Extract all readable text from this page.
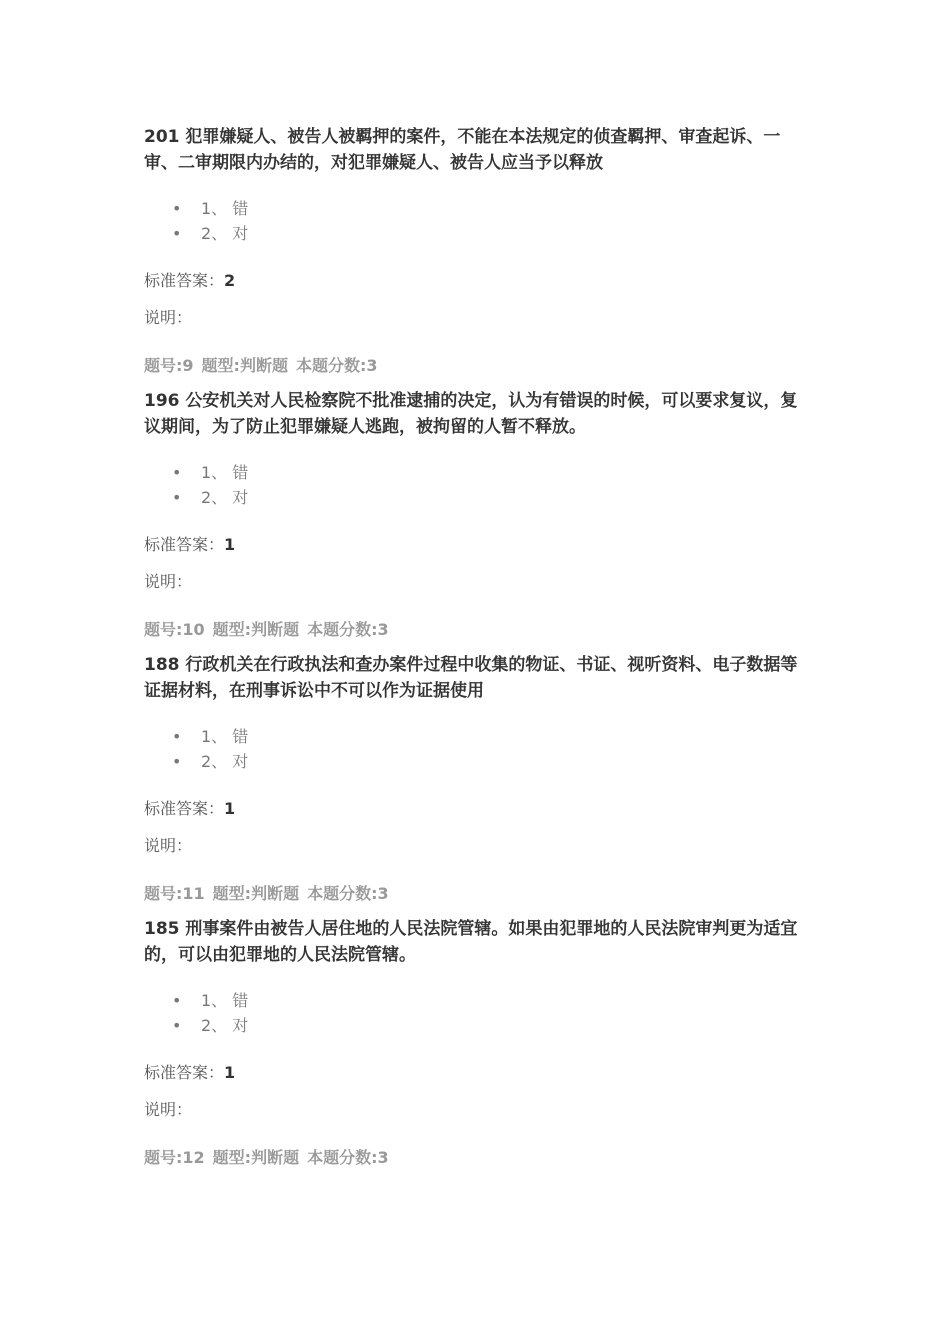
201 犯罪嫌疑人、被告人被羁押的案件，不能在本法规定的侦查羁押、审查起诉、一审、二审期限内办结的，对犯罪嫌疑人、被告人应当予以释放

• 1、 错
• 2、 对
标准答案：2
说明：
题号:9 题型:判断题 本题分数:3

196 公安机关对人民检察院不批准逮捕的决定，认为有错误的时候，可以要求复议，复议期间，为了防止犯罪嫌疑人逃跑，被拘留的人暂不释放。

• 1、 错
• 2、 对
标准答案：1
说明：
题号:10 题型:判断题 本题分数:3

188 行政机关在行政执法和查办案件过程中收集的物证、书证、视听资料、电子数据等证据材料，在刑事诉讼中不可以作为证据使用

• 1、 错
• 2、 对
标准答案：1
说明：
题号:11 题型:判断题 本题分数:3

185 刑事案件由被告人居住地的人民法院管辖。如果由犯罪地的人民法院审判更为适宜的，可以由犯罪地的人民法院管辖。

• 1、 错
• 2、 对
标准答案：1
说明：
题号:12 题型:判断题 本题分数:3
